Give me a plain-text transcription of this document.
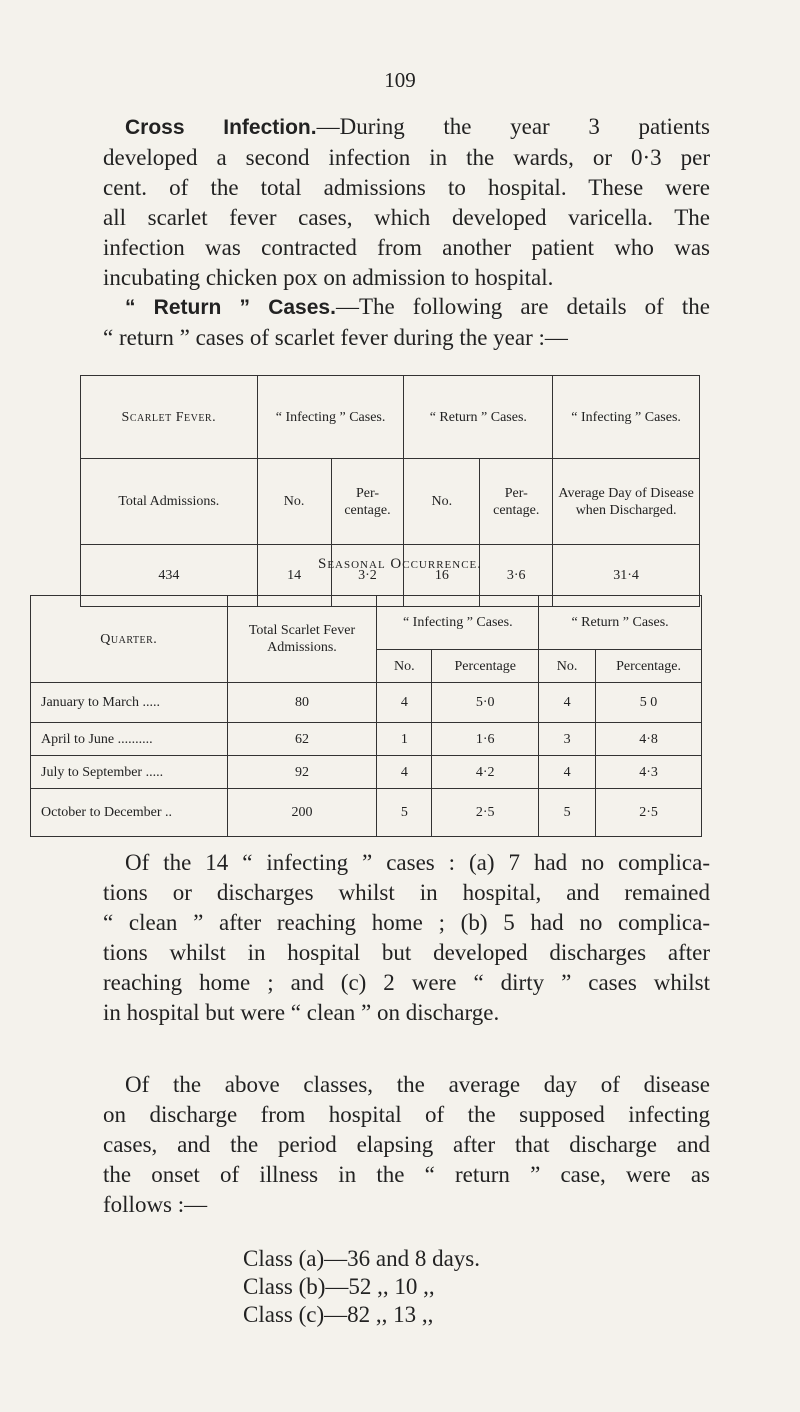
109
Cross Infection.—During the year 3 patients
developed a second infection in the wards, or 0·3 per
cent. of the total admissions to hospital. These were
all scarlet fever cases, which developed varicella. The
infection was contracted from another patient who was
incubating chicken pox on admission to hospital.
“ Return ” Cases.—The following are details of the
“ return ” cases of scarlet fever during the year :—
Scarlet Fever.	“ Infecting ” Cases.		“ Return ” Cases.		“ Infecting ” Cases.
Total Admissions.	No.	Per- centage.	No.	Per- centage.	Average Day of Disease when Discharged.
434	14	3·2	16	3·6	31·4
Seasonal Occurrence.
Quarter.	Total Scarlet Fever Admissions.	“ Infecting ” Cases.		“ Return ” Cases.	
		No.	Percentage	No.	Percentage.
January to March .....	80	4	5·0	4	5 0
April to June ..........	62	1	1·6	3	4·8
July to September .....	92	4	4·2	4	4·3
October to December ..	200	5	2·5	5	2·5
Of the 14 “ infecting ” cases : (a) 7 had no complica-
tions or discharges whilst in hospital, and remained
“ clean ” after reaching home ; (b) 5 had no complica-
tions whilst in hospital but developed discharges after
reaching home ; and (c) 2 were “ dirty ” cases whilst
in hospital but were “ clean ” on discharge.
Of the above classes, the average day of disease
on discharge from hospital of the supposed infecting
cases, and the period elapsing after that discharge and
the onset of illness in the “ return ” case, were as
follows :—
Class (a)—36 and 8 days.
Class (b)—52 ,, 10 ,,
Class (c)—82 ,, 13 ,,
